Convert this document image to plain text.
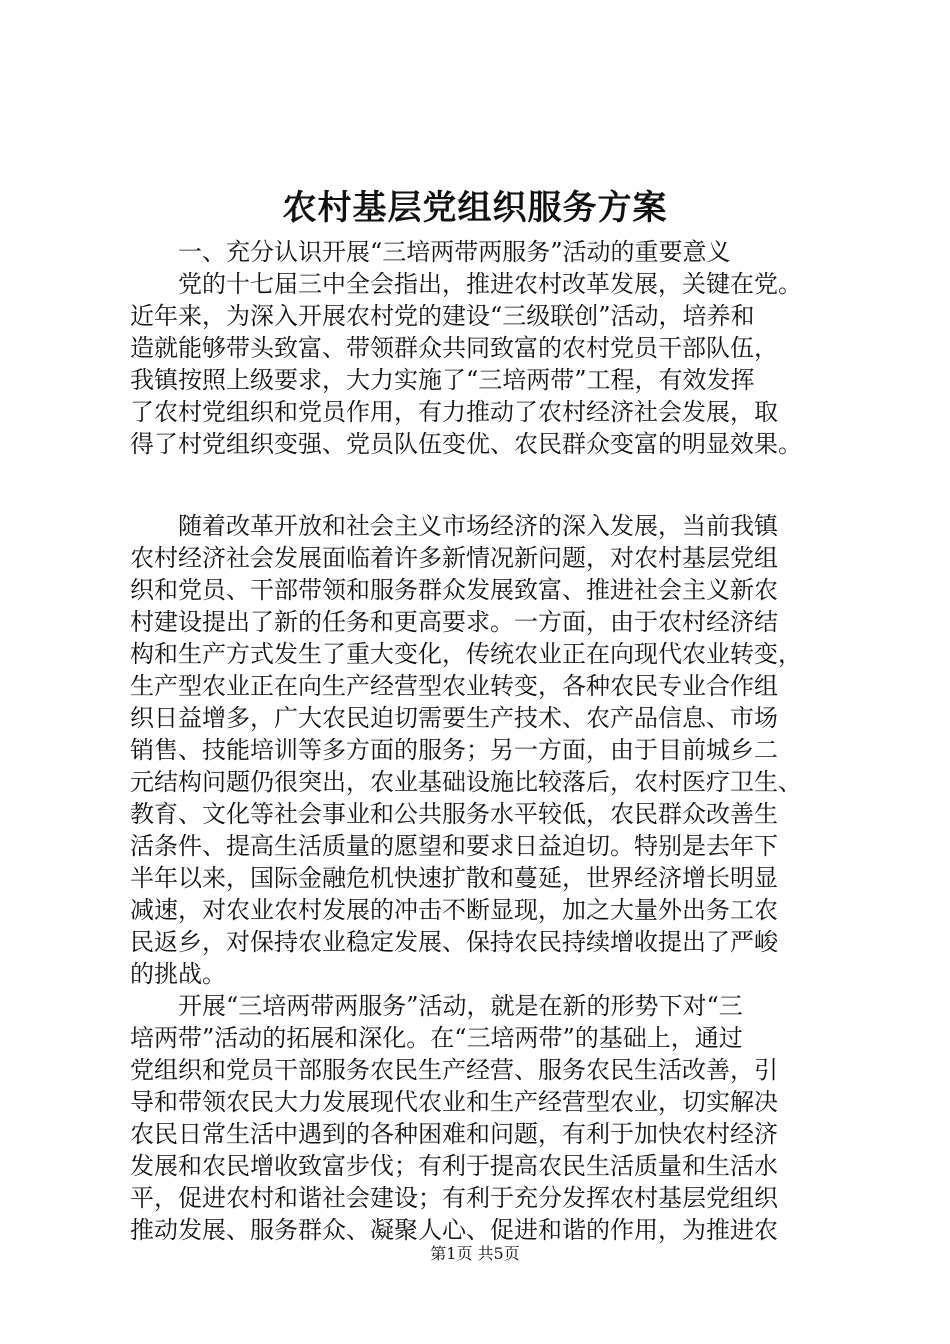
农村基层党组织服务方案
一、充分认识开展“三培两带两服务”活动的重要意义
党的十七届三中全会指出，推进农村改革发展，关键在党。
近年来，为深入开展农村党的建设“三级联创”活动，培养和
造就能够带头致富、带领群众共同致富的农村党员干部队伍，
我镇按照上级要求，大力实施了“三培两带”工程，有效发挥
了农村党组织和党员作用，有力推动了农村经济社会发展，取
得了村党组织变强、党员队伍变优、农民群众变富的明显效果。
随着改革开放和社会主义市场经济的深入发展，当前我镇
农村经济社会发展面临着许多新情况新问题，对农村基层党组
织和党员、干部带领和服务群众发展致富、推进社会主义新农
村建设提出了新的任务和更高要求。一方面，由于农村经济结
构和生产方式发生了重大变化，传统农业正在向现代农业转变，
生产型农业正在向生产经营型农业转变，各种农民专业合作组
织日益增多，广大农民迫切需要生产技术、农产品信息、市场
销售、技能培训等多方面的服务；另一方面，由于目前城乡二
元结构问题仍很突出，农业基础设施比较落后，农村医疗卫生、
教育、文化等社会事业和公共服务水平较低，农民群众改善生
活条件、提高生活质量的愿望和要求日益迫切。特别是去年下
半年以来，国际金融危机快速扩散和蔓延，世界经济增长明显
减速，对农业农村发展的冲击不断显现，加之大量外出务工农
民返乡，对保持农业稳定发展、保持农民持续增收提出了严峻
的挑战。
开展“三培两带两服务”活动，就是在新的形势下对“三
培两带”活动的拓展和深化。在“三培两带”的基础上，通过
党组织和党员干部服务农民生产经营、服务农民生活改善，引
导和带领农民大力发展现代农业和生产经营型农业，切实解决
农民日常生活中遇到的各种困难和问题，有利于加快农村经济
发展和农民增收致富步伐；有利于提高农民生活质量和生活水
平，促进农村和谐社会建设；有利于充分发挥农村基层党组织
推动发展、服务群众、凝聚人心、促进和谐的作用，为推进农
第1页 共5页
